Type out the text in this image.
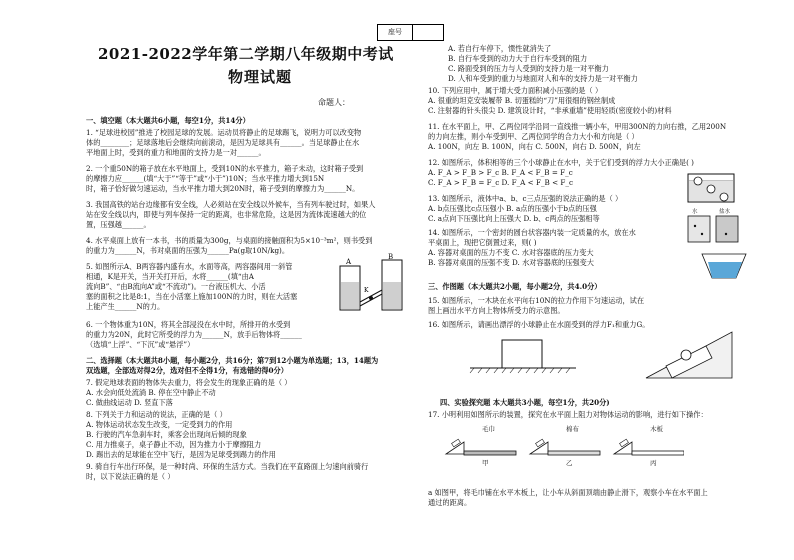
座号
2021-2022学年第二学期八年级期中考试
物理试题
命题人：
一、填空题（本大题共6小题，每空1分，共14分）

1. “足球进校园”推进了校园足球的发展。运动员将静止的足球踢飞，说明力可以改变物

体的________；足球落地后会继续向前滚动，是因为足球具有______。当足球静止在水

平地面上时，受到的重力和地面的支持力是一对______。

2. 一个重50N的箱子放在水平地面上，受到10N的水平推力，箱子未动，这时箱子受到

的摩擦力应______(填“大于”“等于”或“小于”)10N；当水平推力增大到15N

时，箱子恰好做匀速运动，当水平推力增大到20N时，箱子受到的摩擦力为______N。

3. 我国高铁的站台边缘都有安全线，人必须站在安全线以外候车，当有列车驶过时，如果人

站在安全线以内，即使与列车保持一定的距离，也非常危险，这是因为流体流速越大的位

置，压强越______。

4. 水平桌面上放有一本书，书的质量为300g，与桌面的接触面积为5×10⁻³m²，则书受到

的重力为______N，书对桌面的压强为______Pa(g取10N/kg)。

5. 如图所示A、B两容器内盛有水，水面等高，两容器间用一斜管

相通，K是开关，当开关打开后，水将______(填“由A

流向B”、“由B流向A”或“不流动”)。一台液压机大、小活

塞的面积之比是8:1，当在小活塞上施加100N的力时，则在大活塞

上能产生______N的力。

A
K
B

6. 一个物体重为10N，将其全部浸没在水中时，所排开的水受到

的重力为20N，此时它所受的浮力为______N，放手后物体将______

（选填“上浮”、“下沉”或“悬浮”）

二、选择题（本大题共8小题，每小题2分，共16分；第7到12小题为单选题；13，14题为

双选题，全部选对得2分，选对但不全得1分，有选错的得0分）

7. 假定地球表面的物体失去重力，将会发生的现象正确的是（ ）

A. 水会向低处流淌 B. 停在空中静止不动

C. 做曲线运动 D. 竖直下落

8. 下列关于力和运动的说法，正确的是（ ）

A. 物体运动状态发生改变，一定受到力的作用

B. 行驶的汽车急刹车时，乘客会出现向后倾的现象

C. 用力推桌子，桌子静止不动，因为推力小于摩擦阻力

D. 踢出去的足球能在空中飞行，是因为足球受到踢力的作用

9. 骑自行车出行环保，是一种时尚、环保的生活方式。当我们在平直路面上匀速向前骑行

时，以下说法正确的是（ ）

A. 若自行车停下，惯性就消失了

B. 自行车受到的动力大于自行车受到的阻力

C. 路面受到的压力与人受到的支持力是一对平衡力

D. 人和车受到的重力与地面对人和车的支持力是一对平衡力

10. 下列应用中，属于增大受力面积减小压强的是（ ）

A. 很重的坦克安装履带 B. 切蛋糕的“刀”用很细的钢丝制成

C. 注射器的针头很尖 D. 建筑设计时，“非承重墙”使用轻质(密度较小的)材料

11. 在水平面上，甲、乙两位同学沿同一直线推一辆小车，甲用300N的力向右推，乙用200N

的力向左推，则小车受到甲、乙两位同学的合力大小和方向是（ ）

A. 100N，向左 B. 100N，向右 C. 500N，向右 D. 500N，向左

12. 如图所示，体积相等的三个小球静止在水中，关于它们受到的浮力大小正确是( )

A. F_A > F_B > F_c B. F_A < F_B = F_c

C. F_A > F_B = F_c D. F_A < F_B < F_c

13. 如图所示，液体中a、b、c三点压强的说法正确的是（ ）

A. b点压强比c点压强小 B. a点的压强小于b点的压强

C. a点向下压强比向上压强大 D. b、c两点的压强相等

水	盐水

14. 如图所示，一个密封的圆台状容器内装一定质量的水，放在水

平桌面上，现把它倒置过来，则( )

A. 容器对桌面的压力不变 C. 水对容器底的压力变大

B. 容器对桌面的压强不变 D. 水对容器底的压强变大

三、作图题（本大题共2小题，每小题2分，共4.0分）

15. 如图所示，一木块在水平向右10N的拉力作用下匀速运动，试在

图上画出水平方向上物体所受力的示意图。

16. 如图所示，请画出漂浮的小球静止在水面受到的浮力F₁和重力G。
四、实验探究题 本大题共3小题，每空1分，共20分)
17. 小明利用如图所示的装置，探究在水平面上阻力对物体运动的影响，进行如下操作：
毛巾	棉布	木板
甲	乙	丙

a 如图甲，将毛巾铺在水平木板上，让小车从斜面顶端由静止滑下，观察小车在水平面上

通过的距离。
